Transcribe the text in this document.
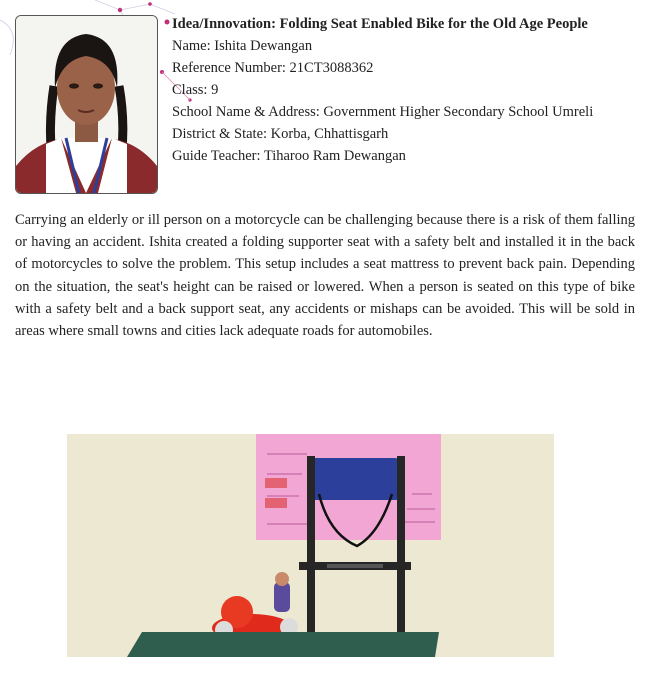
Idea/Innovation: Folding Seat Enabled Bike for the Old Age People
Name: Ishita Dewangan
Reference Number: 21CT3088362
Class: 9
School Name & Address: Government Higher Secondary School Umreli
District & State: Korba, Chhattisgarh
Guide Teacher: Tiharoo Ram Dewangan

Carrying an elderly or ill person on a motorcycle can be challenging because there is a risk of them falling or having an accident. Ishita created a folding supporter seat with a safety belt and installed it in the back of motorcycles to solve the problem. This setup includes a seat mattress to prevent back pain. Depending on the situation, the seat's height can be raised or lowered. When a person is seated on this type of bike with a safety belt and a back support seat, any accidents or mishaps can be avoided. This will be sold in areas where small towns and cities lack adequate roads for automobiles.
